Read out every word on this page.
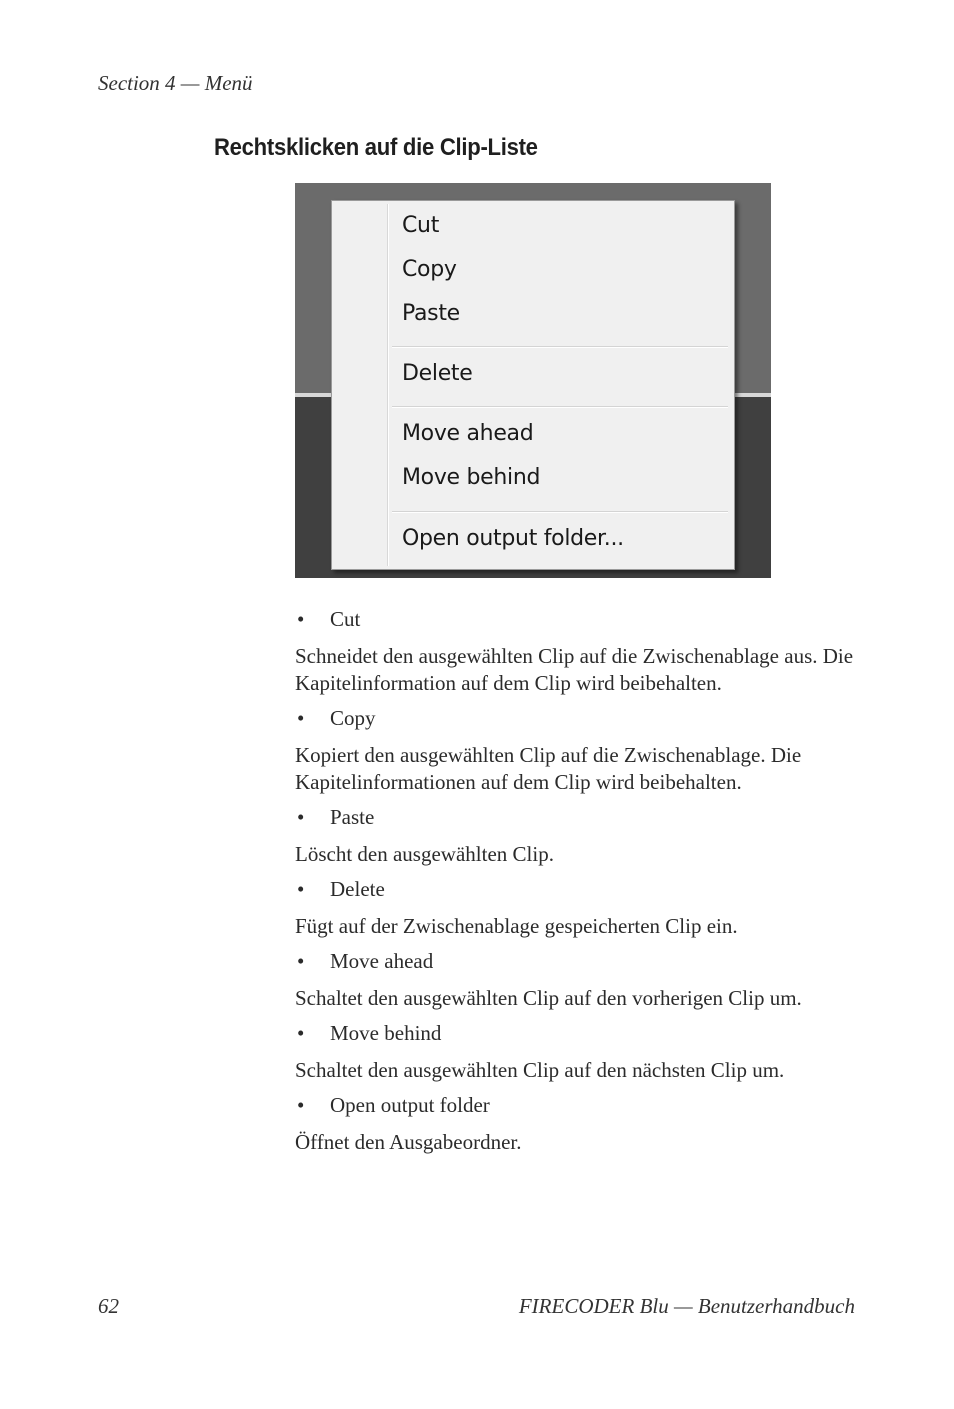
Section 4 — Menü
Rechtsklicken auf die Clip-Liste
Cut
Copy
Paste
Delete
Move ahead
Move behind
Open output folder...
• Cut

Schneidet den ausgewählten Clip auf die Zwischenablage aus. Die Kapitelinformation auf dem Clip wird beibehalten.

• Copy

Kopiert den ausgewählten Clip auf die Zwischenablage. Die Kapitelinformationen auf dem Clip wird beibehalten.

• Paste

Löscht den ausgewählten Clip.

• Delete

Fügt auf der Zwischenablage gespeicherten Clip ein.

• Move ahead

Schaltet den ausgewählten Clip auf den vorherigen Clip um.

• Move behind

Schaltet den ausgewählten Clip auf den nächsten Clip um.

• Open output folder

Öffnet den Ausgabeordner.

62	FIRECODER Blu — Benutzerhandbuch
